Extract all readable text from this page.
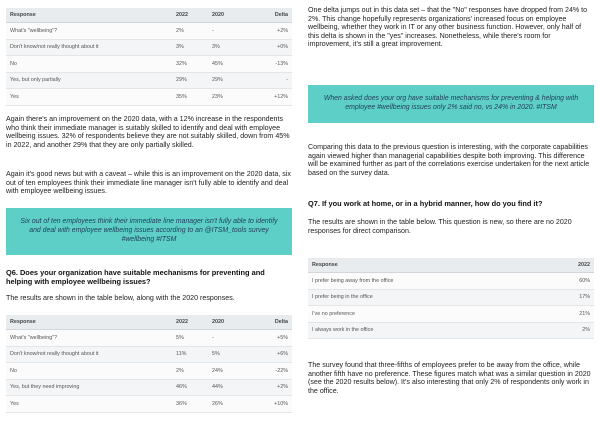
Response	2022	2020	Delta
What's "wellbeing"?	2%	-	+2%
Don't know/not really thought about it	3%	3%	+0%
No	32%	45%	-13%
Yes, but only partially	29%	29%	-
Yes	35%	23%	+12%

Again there's an improvement on the 2020 data, with a 12% increase in the respondents who think their immediate manager is suitably skilled to identify and deal with employee wellbeing issues. 32% of respondents believe they are not suitably skilled, down from 45% in 2022, and another 29% that they are only partially skilled.

Again it's good news but with a caveat – while this is an improvement on the 2020 data, six out of ten employees think their immediate line manager isn't fully able to identify and deal with employee wellbeing issues.

Six out of ten employees think their immediate line manager isn't fully able to identify and deal with employee wellbeing issues according to an @ITSM_tools survey #wellbeing #ITSM
Q6. Does your organization have suitable mechanisms for preventing and helping with employee wellbeing issues?

The results are shown in the table below, along with the 2020 responses.

Response	2022	2020	Delta
What's "wellbeing"?	5%	-	+5%
Don't know/not really thought about it	11%	5%	+6%
No	2%	24%	-22%
Yes, but they need improving	46%	44%	+2%
Yes	36%	26%	+10%

One delta jumps out in this data set – that the "No" responses have dropped from 24% to 2%. This change hopefully represents organizations' increased focus on employee wellbeing, whether they work in IT or any other business function. However, only half of this delta is shown in the "yes" increases. Nonetheless, while there's room for improvement, it's still a great improvement.

When asked does your org have suitable mechanisms for preventing & helping with employee #wellbeing issues only 2% said no, vs 24% in 2020. #ITSM

Comparing this data to the previous question is interesting, with the corporate capabilities again viewed higher than managerial capabilities despite both improving. This difference will be examined further as part of the correlations exercise undertaken for the next article based on the survey data.

Q7. If you work at home, or in a hybrid manner, how do you find it?

The results are shown in the table below. This question is new, so there are no 2020 responses for direct comparison.

Response	2022
I prefer being away from the office	60%
I prefer being in the office	17%
I've no preference	21%
I always work in the office	2%

The survey found that three-fifths of employees prefer to be away from the office, while another fifth have no preference. These figures match what was a similar question in 2020 (see the 2020 results below). It's also interesting that only 2% of respondents only work in the office.
